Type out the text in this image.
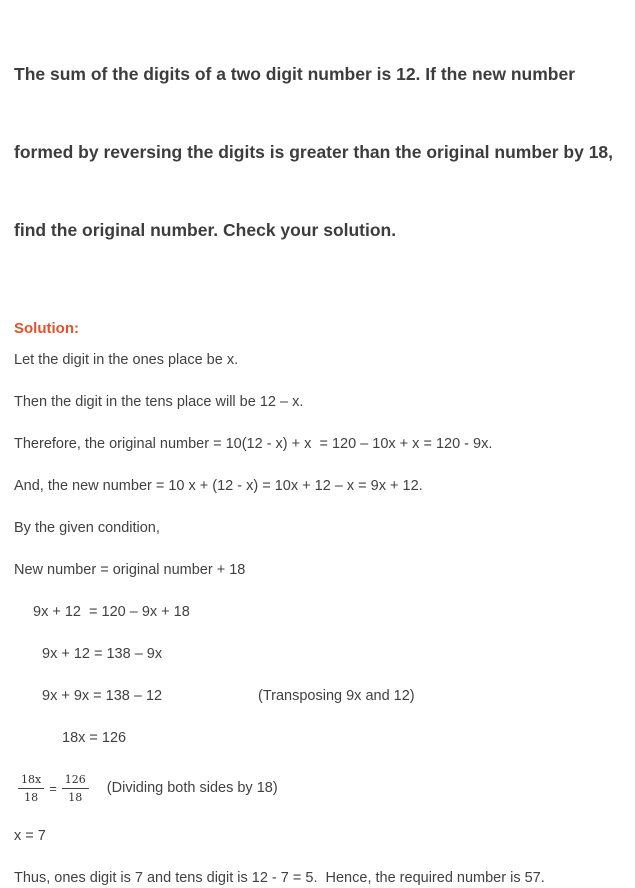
The sum of the digits of a two digit number is 12. If the new number

formed by reversing the digits is greater than the original number by 18,

find the original number. Check your solution.

Solution:
Let the digit in the ones place be x.
Then the digit in the tens place will be 12 – x.
Therefore, the original number = 10(12 - x) + x  = 120 – 10x + x = 120 - 9x.
And, the new number = 10 x + (12 - x) = 10x + 12 – x = 9x + 12.
By the given condition,
New number = original number + 18
9x + 12  = 120 – 9x + 18
9x + 12 = 138 – 9x
9x + 9x = 138 – 12	(Transposing 9x and 12)
18x = 126
$\frac{18x}{18} = \frac{126}{18}$ (Dividing both sides by 18)
x = 7
Thus, ones digit is 7 and tens digit is 12 - 7 = 5.  Hence, the required number is 57.
